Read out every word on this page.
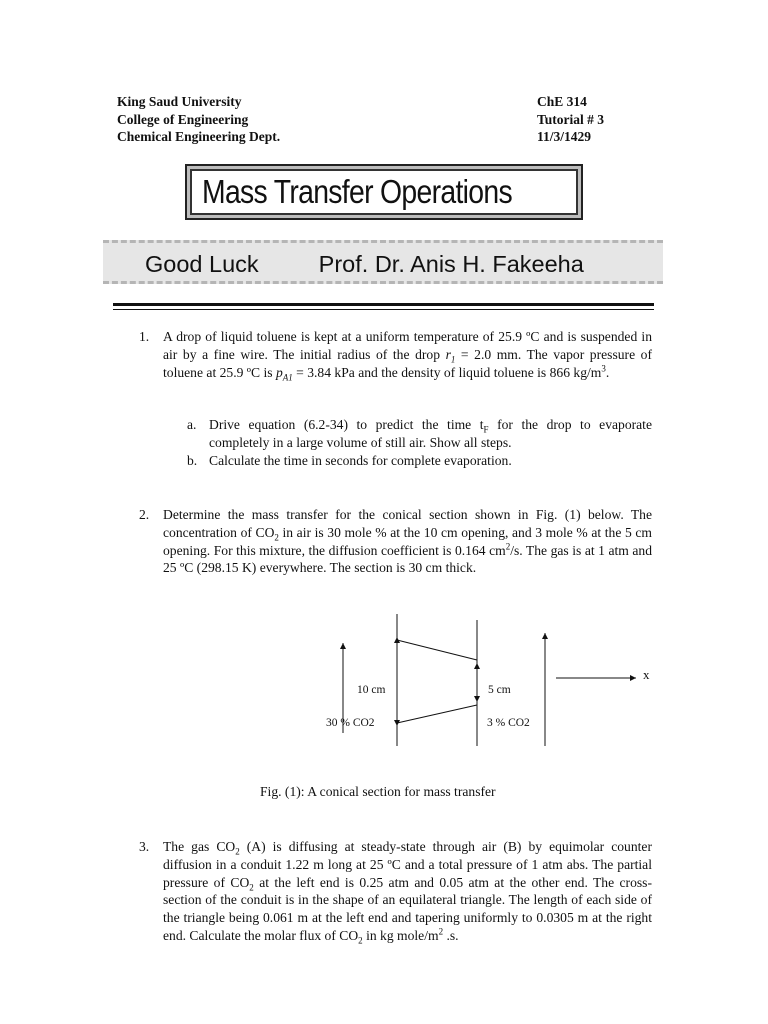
King Saud University
College of Engineering
Chemical Engineering Dept.
ChE 314
Tutorial # 3
11/3/1429
Mass Transfer Operations
Good Luck	Prof. Dr. Anis H. Fakeeha
1. A drop of liquid toluene is kept at a uniform temperature of 25.9 ºC and is suspended in air by a fine wire. The initial radius of the drop $r_1 = 2.0$ mm. The vapor pressure of toluene at 25.9 ºC is $p_{A1} = 3.84$ kPa and the density of liquid toluene is 866 $kg/m^3$.
a. Drive equation (6.2-34) to predict the time $t_F$ for the drop to evaporate completely in a large volume of still air. Show all steps.
b. Calculate the time in seconds for complete evaporation.
2. Determine the mass transfer for the conical section shown in Fig. (1) below. The concentration of $CO_2$ in air is 30 mole % at the 10 cm opening, and 3 mole % at the 5 cm opening. For this mixture, the diffusion coefficient is 0.164 $cm^2/s$. The gas is at 1 atm and 25 ºC (298.15 K) everywhere. The section is 30 cm thick.
10 cm	5 cm
30 % CO2	3 % CO2
x
Fig. (1): A conical section for mass transfer
3. The gas $CO_2$ (A) is diffusing at steady-state through air (B) by equimolar counter diffusion in a conduit 1.22 m long at 25 ºC and a total pressure of 1 atm abs. The partial pressure of $CO_2$ at the left end is 0.25 atm and 0.05 atm at the other end. The cross-section of the conduit is in the shape of an equilateral triangle. The length of each side of the triangle being 0.061 m at the left end and tapering uniformly to 0.0305 m at the right end. Calculate the molar flux of $CO_2$ in kg mole/$m^2$ .s.
